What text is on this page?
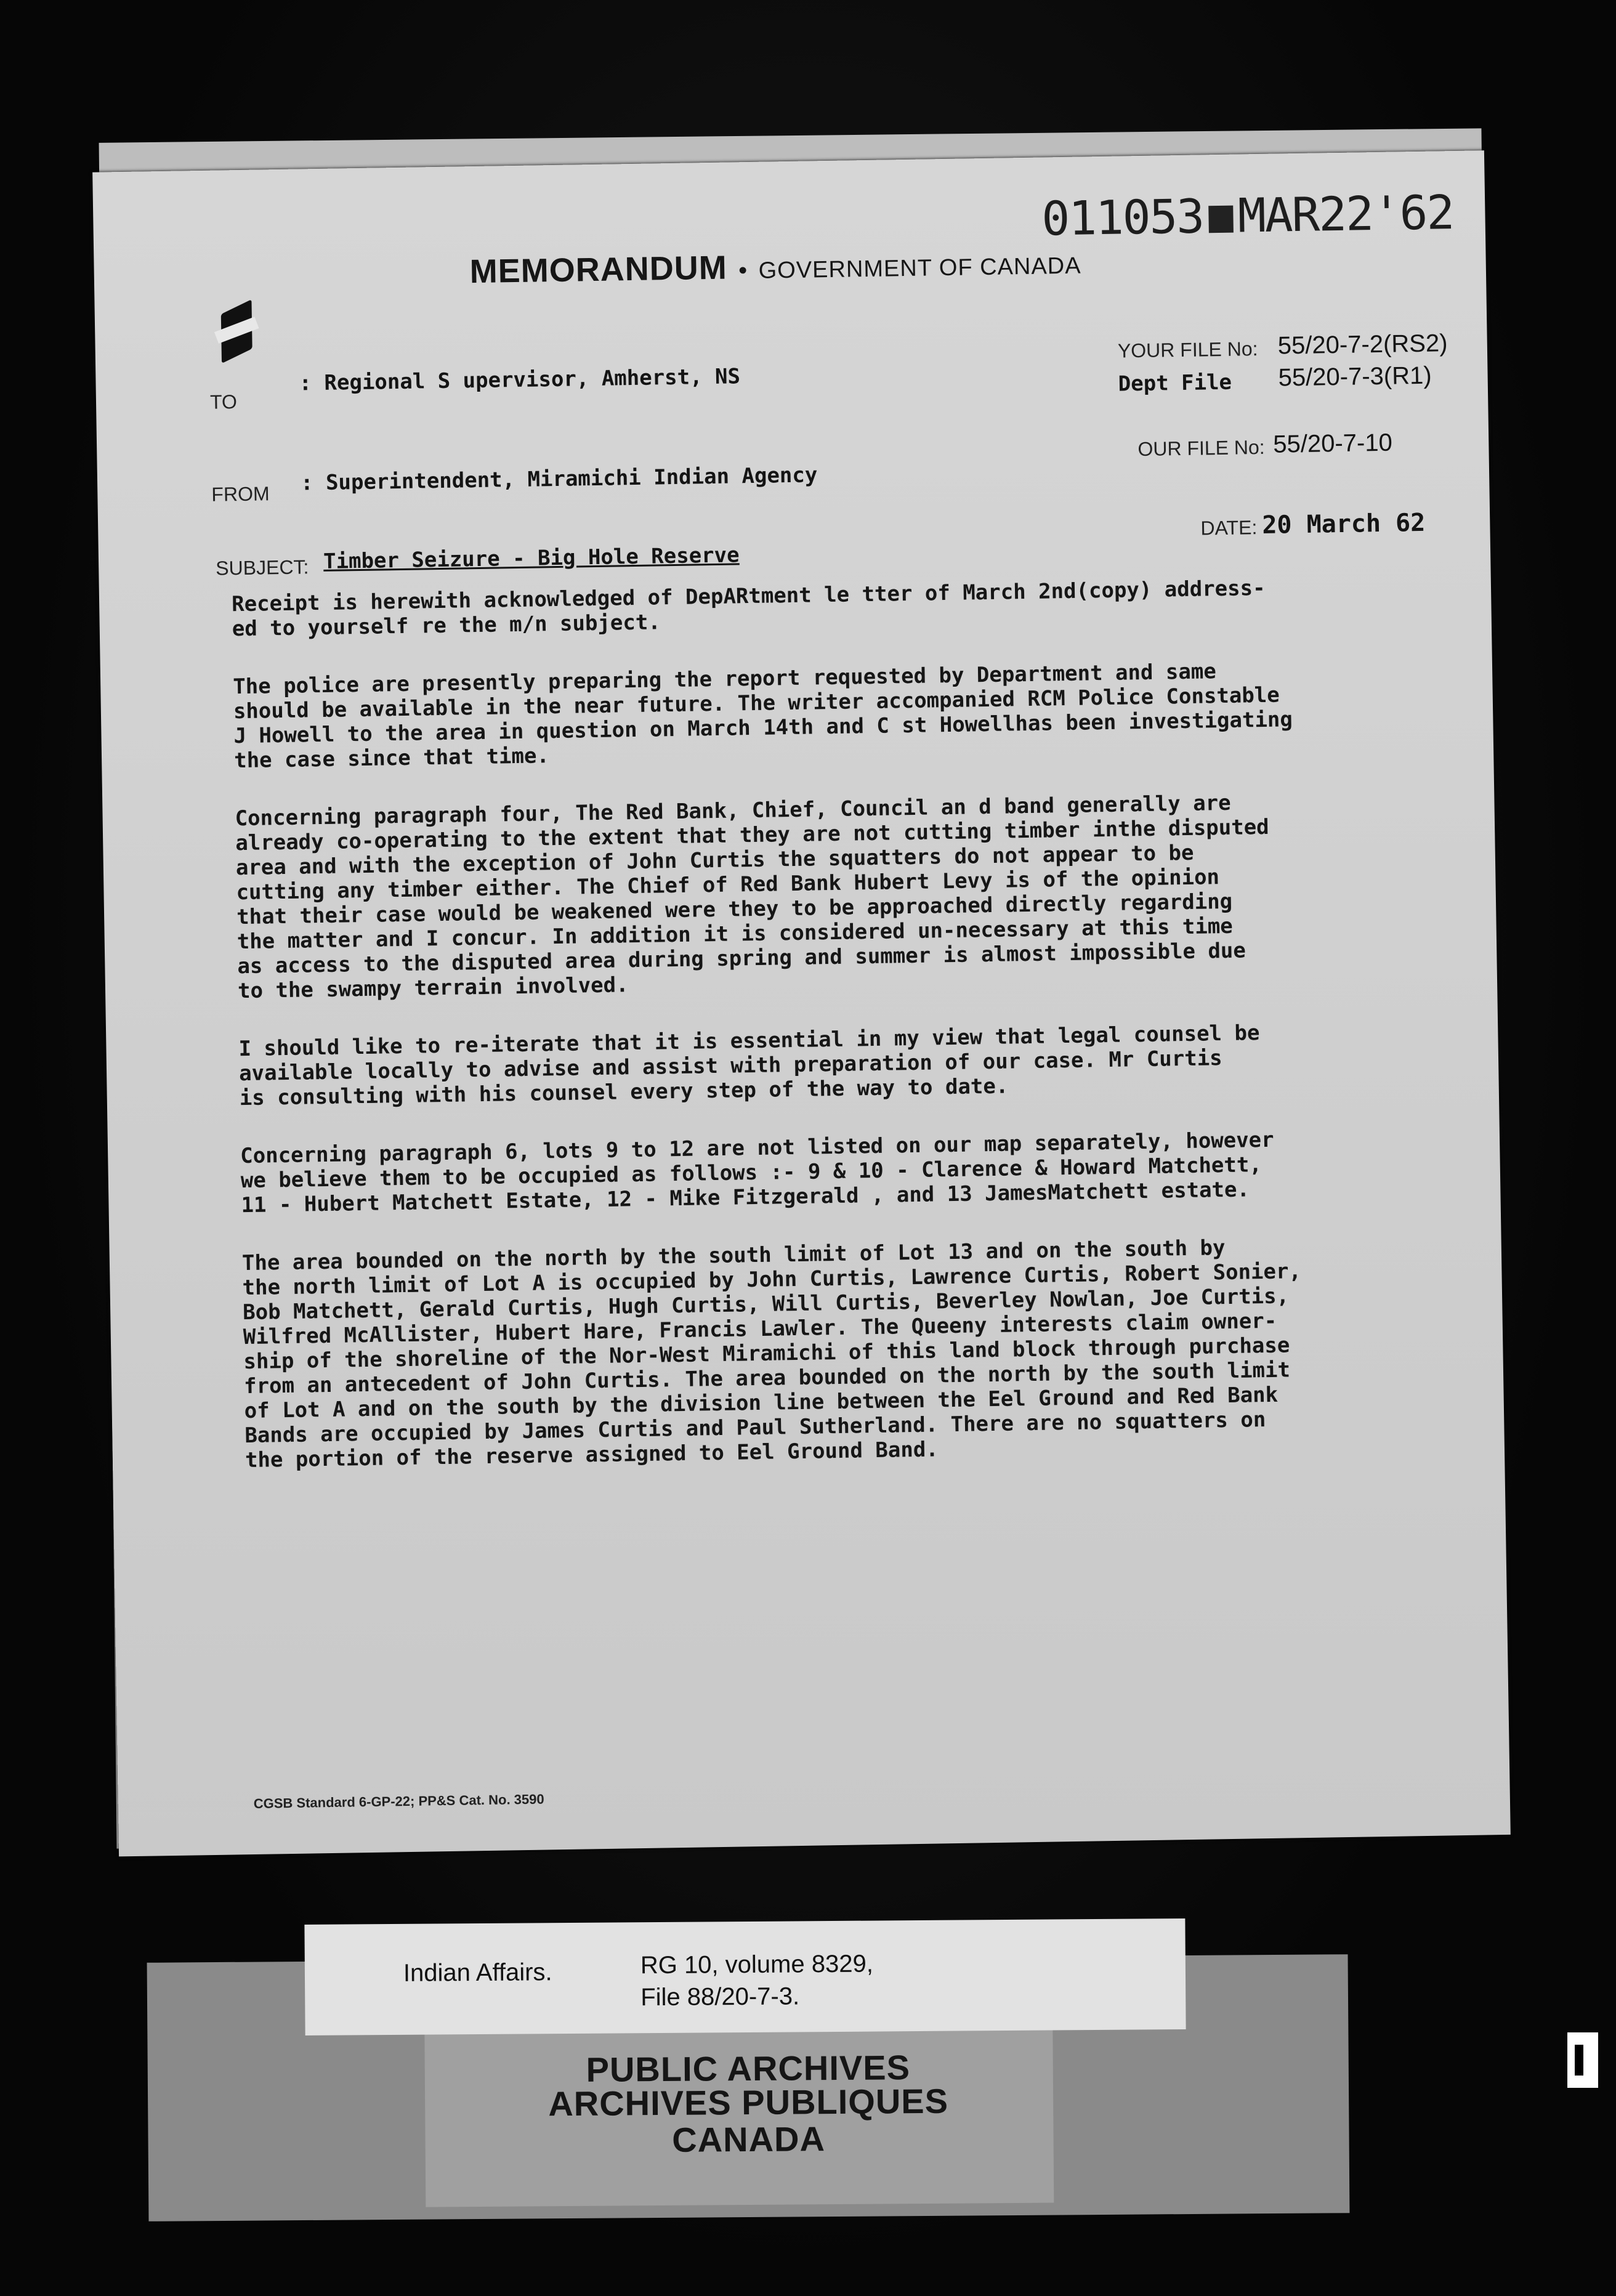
011053 MAR22'62
MEMORANDUM • GOVERNMENT OF CANADA
TO
: Regional S upervisor, Amherst, NS
FROM : Superintendent, Miramichi Indian Agency
SUBJECT: Timber Seizure - Big Hole Reserve
YOUR FILE No: 55/20-7-2(RS2)
Dept File 55/20-7-3(R1)
OUR FILE No: 55/20-7-10
DATE: 20 March 62

Receipt is herewith acknowledged of DepARtment le tter of March 2nd(copy) address-
ed to yourself re the m/n subject.

The police are presently preparing the report requested by Department and same
should be available in the near future. The writer accompanied RCM Police Constable
J Howell to the area in question on March 14th and C st Howellhas been investigating
the case since that time.

Concerning paragraph four, The Red Bank, Chief, Council an d band generally are
already co-operating to the extent that they are not cutting timber inthe disputed
area and with the exception of John Curtis the squatters do not appear to be
cutting any timber either. The Chief of Red Bank Hubert Levy is of the opinion
that their case would be weakened were they to be approached directly regarding
the matter and I concur. In addition it is considered un-necessary at this time
as access to the disputed area during spring and summer is almost impossible due
to the swampy terrain involved.

I should like to re-iterate that it is essential in my view that legal counsel be
available locally to advise and assist with preparation of our case. Mr Curtis
is consulting with his counsel every step of the way to date.

Concerning paragraph 6, lots 9 to 12 are not listed on our map separately, however
we believe them to be occupied as follows :- 9 & 10 - Clarence & Howard Matchett,
11 - Hubert Matchett Estate, 12 - Mike Fitzgerald , and 13 JamesMatchett estate.

The area bounded on the north by the south limit of Lot 13 and on the south by
the north limit of Lot A is occupied by John Curtis, Lawrence Curtis, Robert Sonier,
Bob Matchett, Gerald Curtis, Hugh Curtis, Will Curtis, Beverley Nowlan, Joe Curtis,
Wilfred McAllister, Hubert Hare, Francis Lawler. The Queeny interests claim owner-
ship of the shoreline of the Nor-West Miramichi of this land block through purchase
from an antecedent of John Curtis. The area bounded on the north by the south limit
of Lot A and on the south by the division line between the Eel Ground and Red Bank
Bands are occupied by James Curtis and Paul Sutherland. There are no squatters on
the portion of the reserve assigned to Eel Ground Band.

CGSB Standard 6-GP-22; PP&S Cat. No. 3590
PUBLIC ARCHIVES
ARCHIVES PUBLIQUES
CANADA
Indian Affairs.	RG 10, volume 8329,
File 88/20-7-3.
